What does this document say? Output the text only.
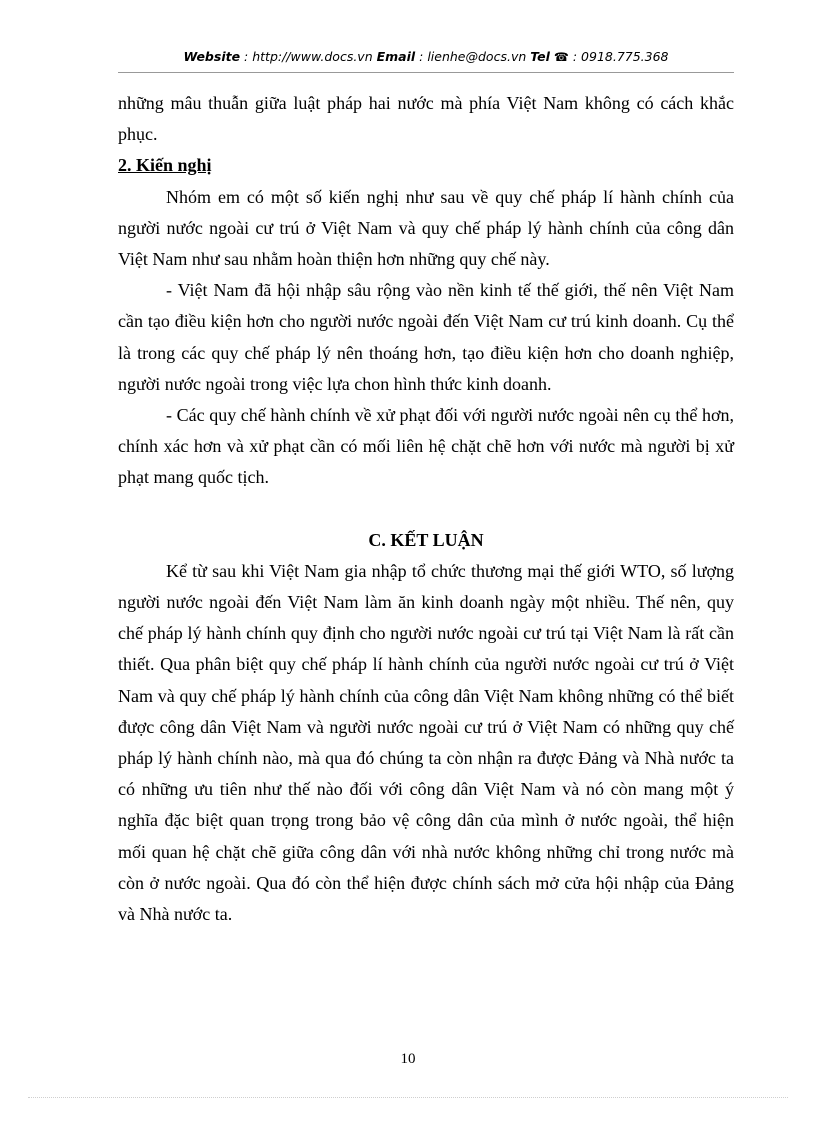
Website : http://www.docs.vn Email : lienhe@docs.vn Tel ☎ : 0918.775.368

những mâu thuẫn giữa luật pháp hai nước mà phía Việt Nam không có cách khắc phục.

2. Kiến nghị

Nhóm em có một số kiến nghị như sau về quy chế pháp lí hành chính của người nước ngoài cư trú ở Việt Nam và quy chế pháp lý hành chính của công dân Việt Nam như sau nhằm hoàn thiện hơn những quy chế này.

- Việt Nam đã hội nhập sâu rộng vào nền kinh tế thế giới, thế nên Việt Nam cần tạo điều kiện hơn cho người nước ngoài đến Việt Nam cư trú kinh doanh. Cụ thể là trong các quy chế pháp lý nên thoáng hơn, tạo điều kiện hơn cho doanh nghiệp, người nước ngoài trong việc lựa chon hình thức kinh doanh.

- Các quy chế hành chính về xử phạt đối với người nước ngoài nên cụ thể hơn, chính xác hơn và xử phạt cần có mối liên hệ chặt chẽ hơn với nước mà người bị xử phạt mang quốc tịch.

C. KẾT LUẬN

Kể từ sau khi Việt Nam gia nhập tổ chức thương mại thế giới WTO, số lượng người nước ngoài đến Việt Nam làm ăn kinh doanh ngày một nhiều. Thế nên, quy chế pháp lý hành chính quy định cho người nước ngoài cư trú tại Việt Nam là rất cần thiết. Qua phân biệt quy chế pháp lí hành chính của người nước ngoài cư trú ở Việt Nam và quy chế pháp lý hành chính của công dân Việt Nam không những có thể biết được công dân Việt Nam và người nước ngoài cư trú ở Việt Nam có những quy chế pháp lý hành chính nào, mà qua đó chúng ta còn nhận ra được Đảng và Nhà nước ta có những ưu tiên như thế nào đối với công dân Việt Nam và nó còn mang một ý nghĩa đặc biệt quan trọng trong bảo vệ công dân của mình ở nước ngoài, thể hiện mối quan hệ chặt chẽ giữa công dân với nhà nước không những chỉ trong nước mà còn ở nước ngoài. Qua đó còn thể hiện được chính sách mở cửa hội nhập của Đảng và Nhà nước ta.

10
